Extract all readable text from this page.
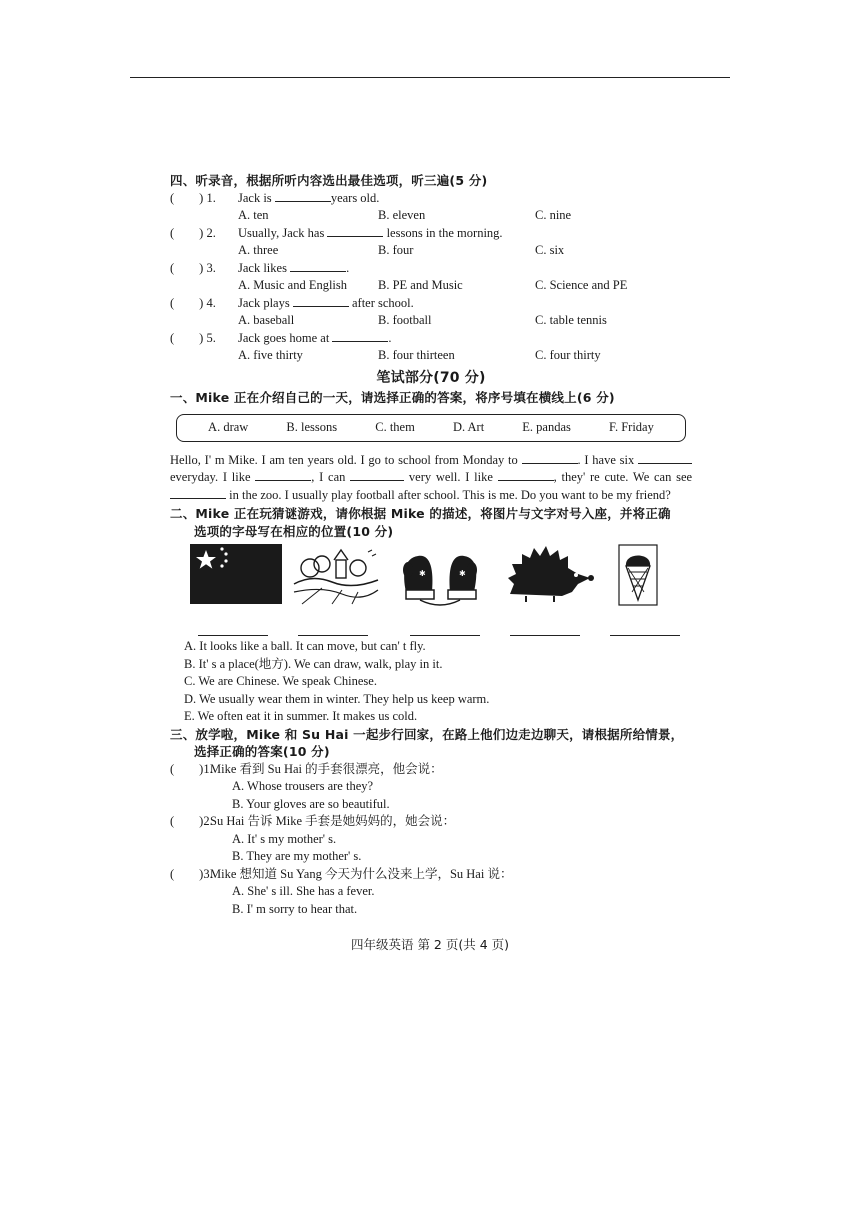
四、听录音，根据所听内容选出最佳选项，听三遍(5 分)
(        ) 1.	Jack is
	years old.
A. ten	B. eleven	C. nine
(        ) 2.	Usually, Jack has

	lessons in the morning.
A. three	B. four	C. six
(        ) 3.	Jack likes
	.
A. Music and English	B. PE and Music	C. Science and PE
(        ) 4.	Jack plays

	after school.
A. baseball	B. football	C. table tennis
(        ) 5.	Jack goes home at
	.
A. five thirty	B. four thirteen	C. four thirty
笔试部分(70 分)
一、Mike 正在介绍自己的一天，请选择正确的答案，将序号填在横线上(6 分)
A. draw	B. lessons	C. them	D. Art	E. pandas	F. Friday
Hello, I' m Mike. I am ten years old. I go to school from Monday to	. I have six  everyday. I like	, I can	very well. I like	, they' re cute. We can see  in the zoo. I usually play football after school. This is me. Do you want to be my friend?
二、Mike 正在玩猜谜游戏，请你根据 Mike 的描述，将图片与文字对号入座，并将正确
选项的字母写在相应的位置(10 分)
✱	✱
A. It looks like a ball. It can move, but can' t fly.
B. It' s a place(地方). We can draw, walk, play in it.
C. We are Chinese. We speak Chinese.
D. We usually wear them in winter. They help us keep warm.
E. We often eat it in summer. It makes us cold.
三、放学啦，Mike 和 Su Hai 一起步行回家，在路上他们边走边聊天，请根据所给情景，
选择正确的答案(10 分)
(        )1.
Mike 看到 Su Hai 的手套很漂亮，他会说：
A. Whose trousers are they?
B. Your gloves are so beautiful.
(        )2.
Su Hai 告诉 Mike 手套是她妈妈的，她会说：
A. It' s my mother' s.
B. They are my mother' s.
(        )3.
Mike 想知道 Su Yang 今天为什么没来上学，Su Hai 说：
A. She' s ill. She has a fever.
B. I' m sorry to hear that.
四年级英语 第 2 页(共 4 页)
